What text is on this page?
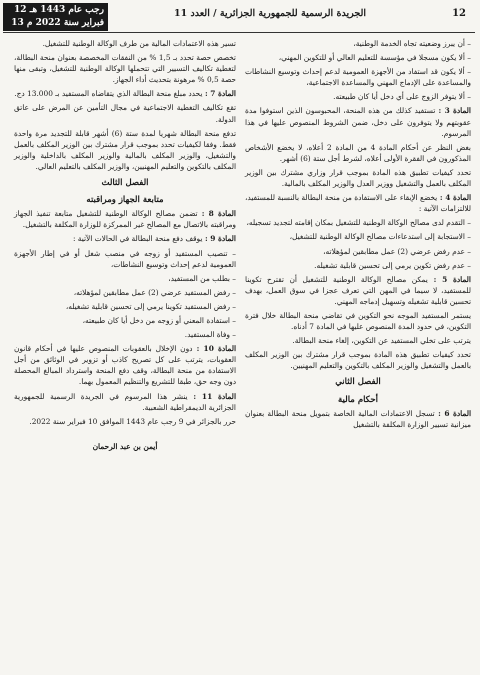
12 رجب عام 1443 هـ
13 فبراير سنة 2022 م
الجريدة الرسمية للجمهورية الجزائرية / العدد 11	12

– أن يبرز وضعيته تجاه الخدمة الوطنية،

– ألا يكون مسجلا في مؤسسة للتعليم العالي أو للتكوين المهني،

– ألا يكون قد استفاد من الأجهزة العمومية لدعم إحداث وتوسيع النشاطات والمساعدة على الإدماج المهني والمساعدة الاجتماعية،

– ألا يتوفر الزوج على أي دخل أيا كان طبيعته.

المادة 3 : تستفيد كذلك من هذه المنحة، المحبوسون الذين استوفوا مدة عقوبتهم ولا يتوفرون على دخل، ضمن الشروط المنصوص عليها في هذا المرسوم.

بغض النظر عن أحكام المادة 4 من المادة 2 أعلاه، لا يخضع الأشخاص المذكورون في الفقرة الأولى أعلاه، لشرط أجل ستة (6) أشهر.

تحدد كيفيات تطبيق هذه المادة بموجب قرار وزاري مشترك بين الوزير المكلف بالعمل والتشغيل ووزير العدل والوزير المكلف بالمالية.

المادة 4 : يخضع الإبقاء على الاستفادة من منحة البطالة بالنسبة للمستفيد، للالتزامات الآتية :

– التقدم لدى مصالح الوكالة الوطنية للتشغيل بمكان إقامته لتجديد تسجيله،

– الاستجابة إلى استدعاءات مصالح الوكالة الوطنية للتشغيل،

– عدم رفض عرضي (2) عمل مطابقين لمؤهلاته،

– عدم رفض تكوين يرمي إلى تحسين قابلية تشغيله.

المادة 5 : يمكن مصالح الوكالة الوطنية للتشغيل أن تقترح تكوينا للمستفيد، لا سيما في المهن التي تعرف عجزا في سوق العمل، بهدف تحسين قابلية تشغيله وتسهيل إدماجه المهني.

يستمر المستفيد الموجه نحو التكوين في تقاضي منحة البطالة خلال فترة التكوين، في حدود المدة المنصوص عليها في المادة 7 أدناه.

يترتب على تخلي المستفيد عن التكوين، إلغاء منحة البطالة.

تحدد كيفيات تطبيق هذه المادة بموجب قرار مشترك بين الوزير المكلف بالعمل والتشغيل والوزير المكلف بالتكوين والتعليم المهنيين.

الفصل الثاني
أحكام مالية

المادة 6 : تسجل الاعتمادات المالية الخاصة بتمويل منحة البطالة بعنوان ميزانية تسيير الوزارة المكلفة بالتشغيل

تسير هذه الاعتمادات المالية من طرف الوكالة الوطنية للتشغيل.

تخصص حصة تحدد بـ 1,5 % من النفقات المخصصة بعنوان منحة البطالة، لتغطية تكاليف التسيير التي تتحملها الوكالة الوطنية للتشغيل، وتبقى منها حصة 0,5 % مرهونة بتحديث أداء الجهاز.

المادة 7 : يحدد مبلغ منحة البطالة الذي يتقاضاه المستفيد بـ 13.000 دج.

تقع تكاليف التغطية الاجتماعية في مجال التأمين عن المرض على عاتق الدولة.

تدفع منحة البطالة شهريا لمدة ستة (6) أشهر قابلة للتجديد مرة واحدة فقط. وفقا لكيفيات تحدد بموجب قرار مشترك بين الوزير المكلف بالعمل والتشغيل، والوزير المكلف بالمالية والوزير المكلف بالداخلية والوزير المكلف بالتكوين والتعليم المهنيين، والوزير المكلف بالتعليم العالي.

الفصل الثالث
متابعة الجهاز ومراقبته

المادة 8 : تضمن مصالح الوكالة الوطنية للتشغيل متابعة تنفيذ الجهاز ومراقبته بالاتصال مع المصالح غير الممركزة للوزارة المكلفة بالتشغيل.

المادة 9 : يوقف دفع منحة البطالة في الحالات الآتية :

– تنصيب المستفيد أو زوجه في منصب شغل أو في إطار الأجهزة العمومية لدعم إحداث وتوسيع النشاطات،

– بطلب من المستفيد،

– رفض المستفيد عرضي (2) عمل مطابقين لمؤهلاته،

– رفض المستفيد تكوينا يرمي إلى تحسين قابلية تشغيله،

– استفادة المعني أو زوجه من دخل أيا كان طبيعته،

– وفاة المستفيد.

المادة 10 : دون الإخلال بالعقوبات المنصوص عليها في أحكام قانون العقوبات، يترتب على كل تصريح كاذب أو تزوير في الوثائق من أجل الاستفادة من منحة البطالة، وقف دفع المنحة واسترداد المبالغ المحصلة دون وجه حق، طبقا للتشريع والتنظيم المعمول بهما.

المادة 11 : ينشر هذا المرسوم في الجريدة الرسمية للجمهورية الجزائرية الديمقراطية الشعبية.

حرر بالجزائر في 9 رجب عام 1443 الموافق 10 فبراير سنة 2022.

أيمن بن عبد الرحمان
